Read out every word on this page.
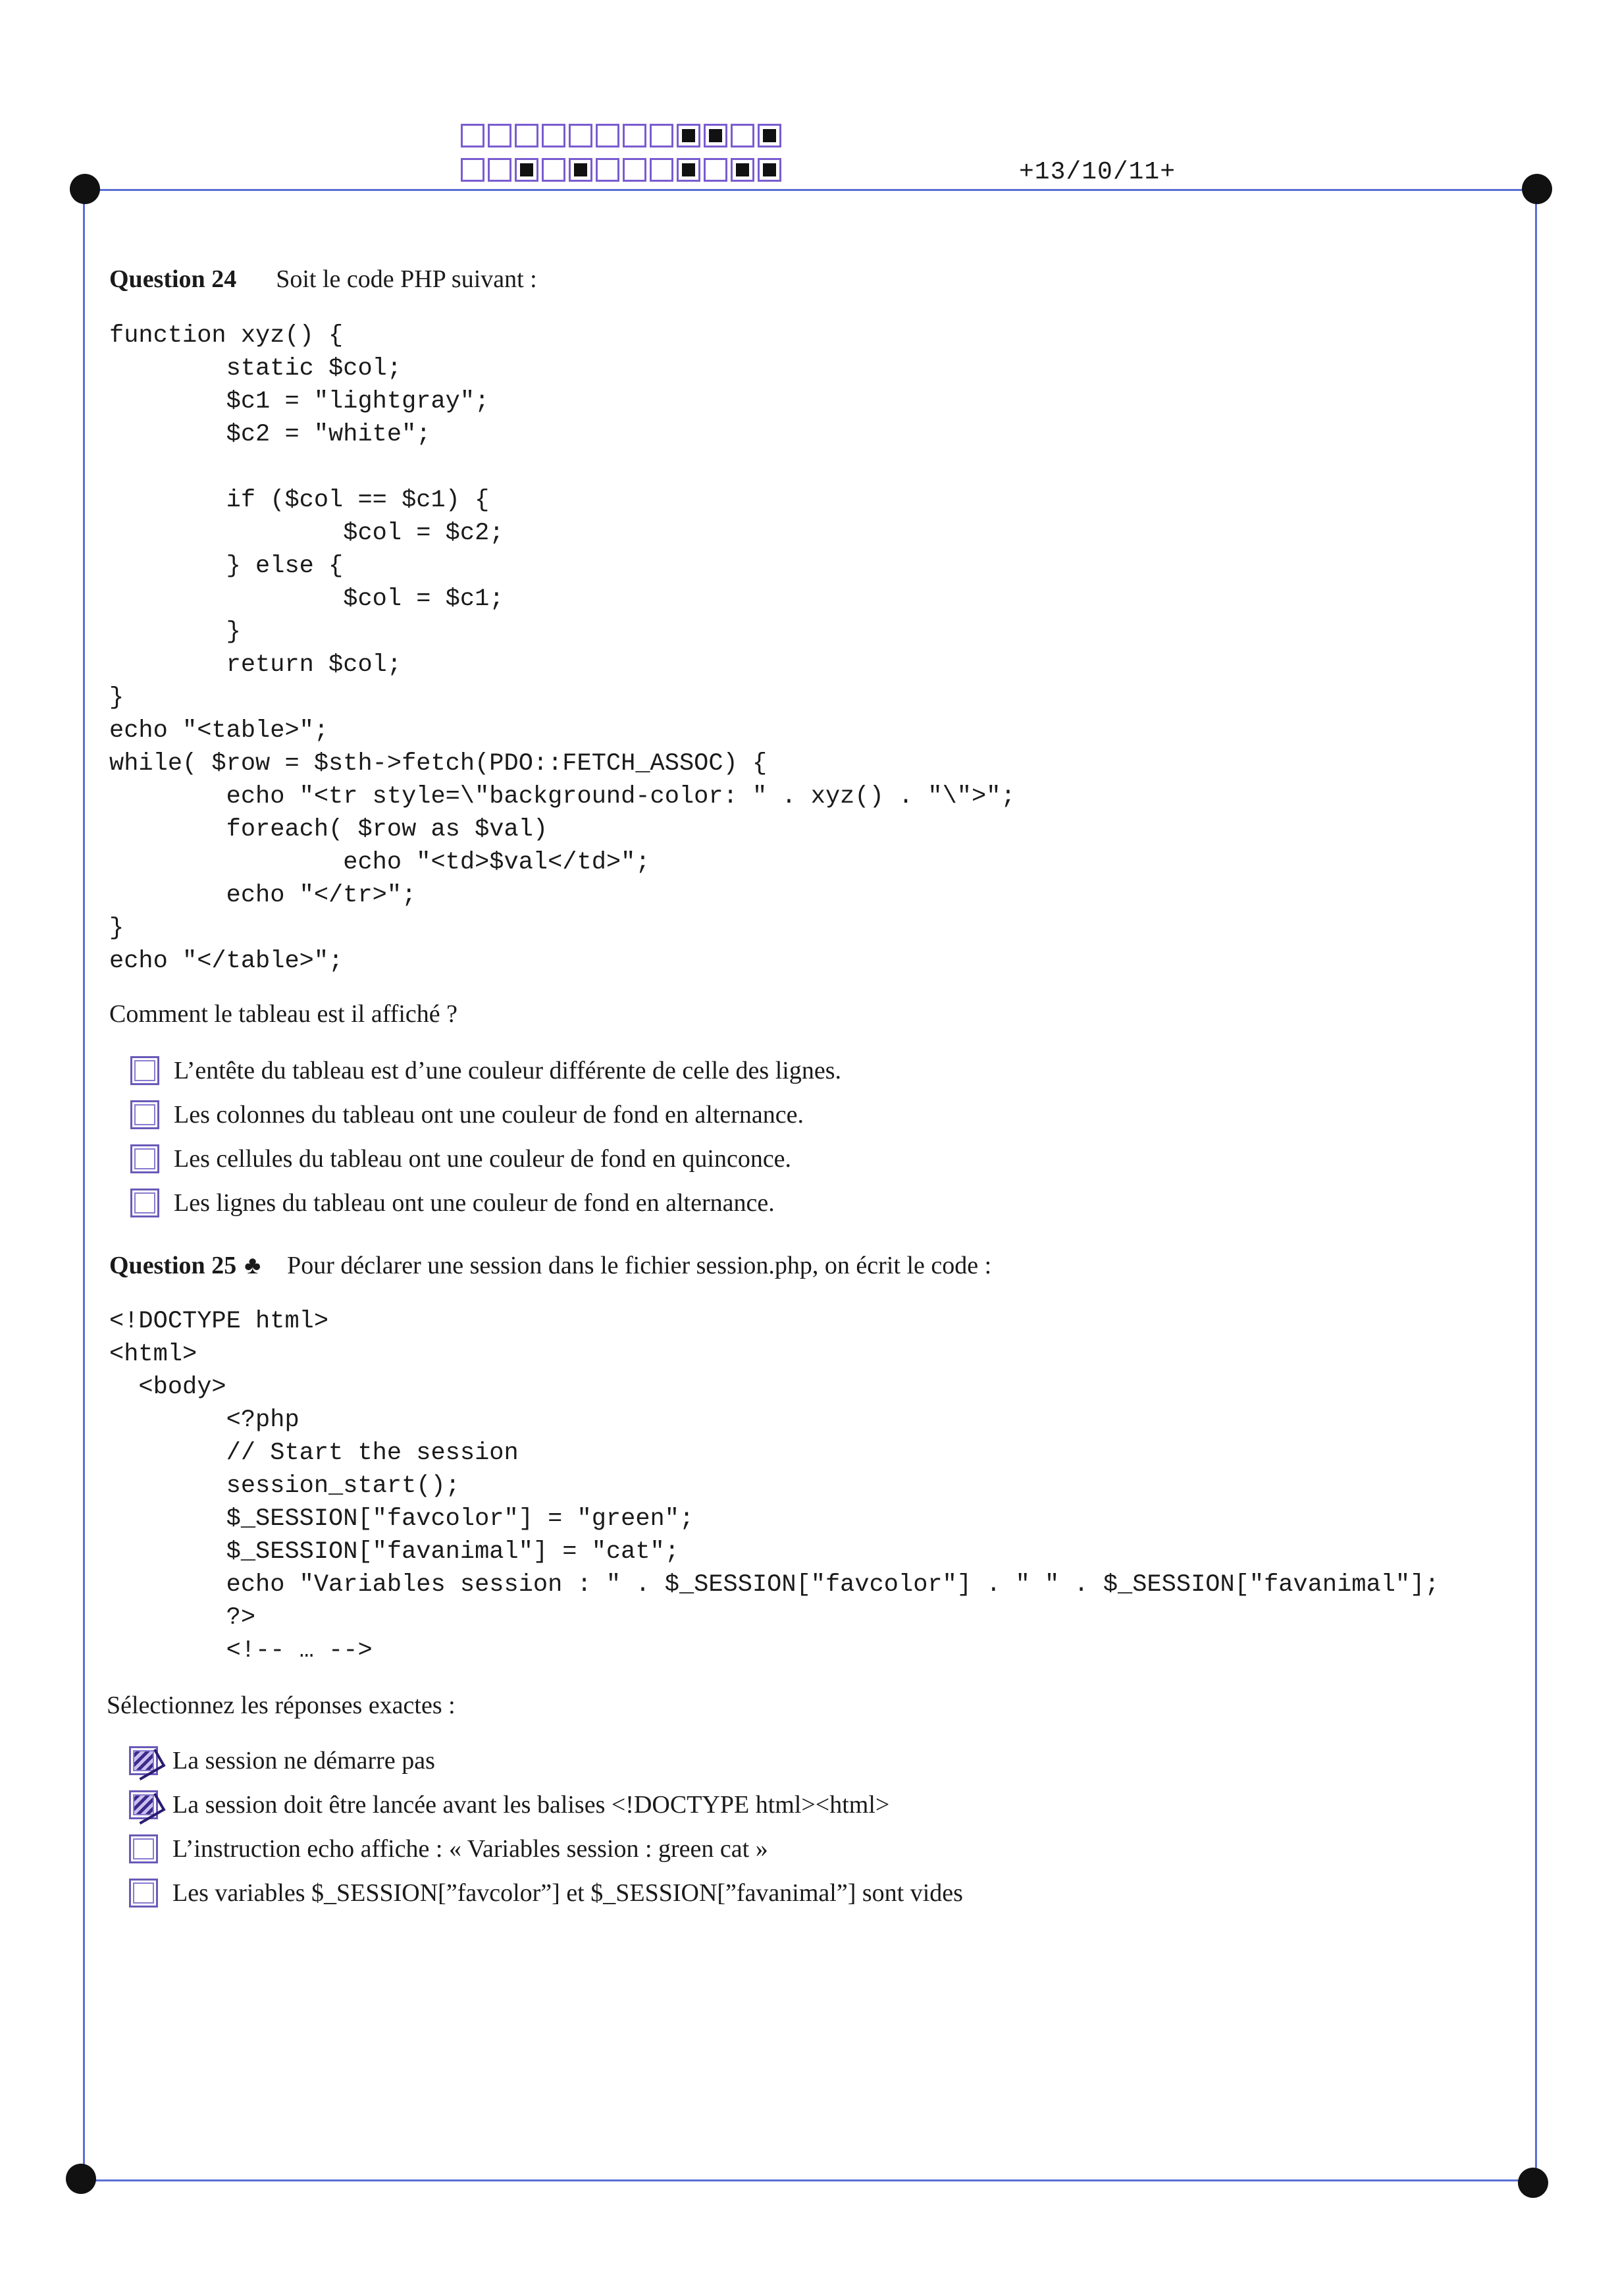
+13/10/11+
Question 24 Soit le code PHP suivant :
function xyz() {
static $col;
$c1 = "lightgray";
$c2 = "white";

if ($col == $c1) {
$col = $c2;
} else {
$col = $c1;
}
return $col;
}
echo "<table>";
while( $row = $sth->fetch(PDO::FETCH_ASSOC) {
echo "<tr style=\"background-color: " . xyz() . "\">";
foreach( $row as $val)
echo "<td>$val</td>";
echo "</tr>";
}
echo "</table>";
Comment le tableau est il affiché ?
L’entête du tableau est d’une couleur différente de celle des lignes.
Les colonnes du tableau ont une couleur de fond en alternance.
Les cellules du tableau ont une couleur de fond en quinconce.
Les lignes du tableau ont une couleur de fond en alternance.
Question 25 ♣ Pour déclarer une session dans le fichier session.php, on écrit le code :
<!DOCTYPE html>
<html>
<body>
<?php
// Start the session
session_start();
$_SESSION["favcolor"] = "green";
$_SESSION["favanimal"] = "cat";
echo "Variables session : " . $_SESSION["favcolor"] . " " . $_SESSION["favanimal"];
?>
<!-- … -->
Sélectionnez les réponses exactes :
La session ne démarre pas
La session doit être lancée avant les balises <!DOCTYPE html><html>
L’instruction echo affiche : « Variables session : green cat »
Les variables $_SESSION[”favcolor”] et $_SESSION[”favanimal”] sont vides
